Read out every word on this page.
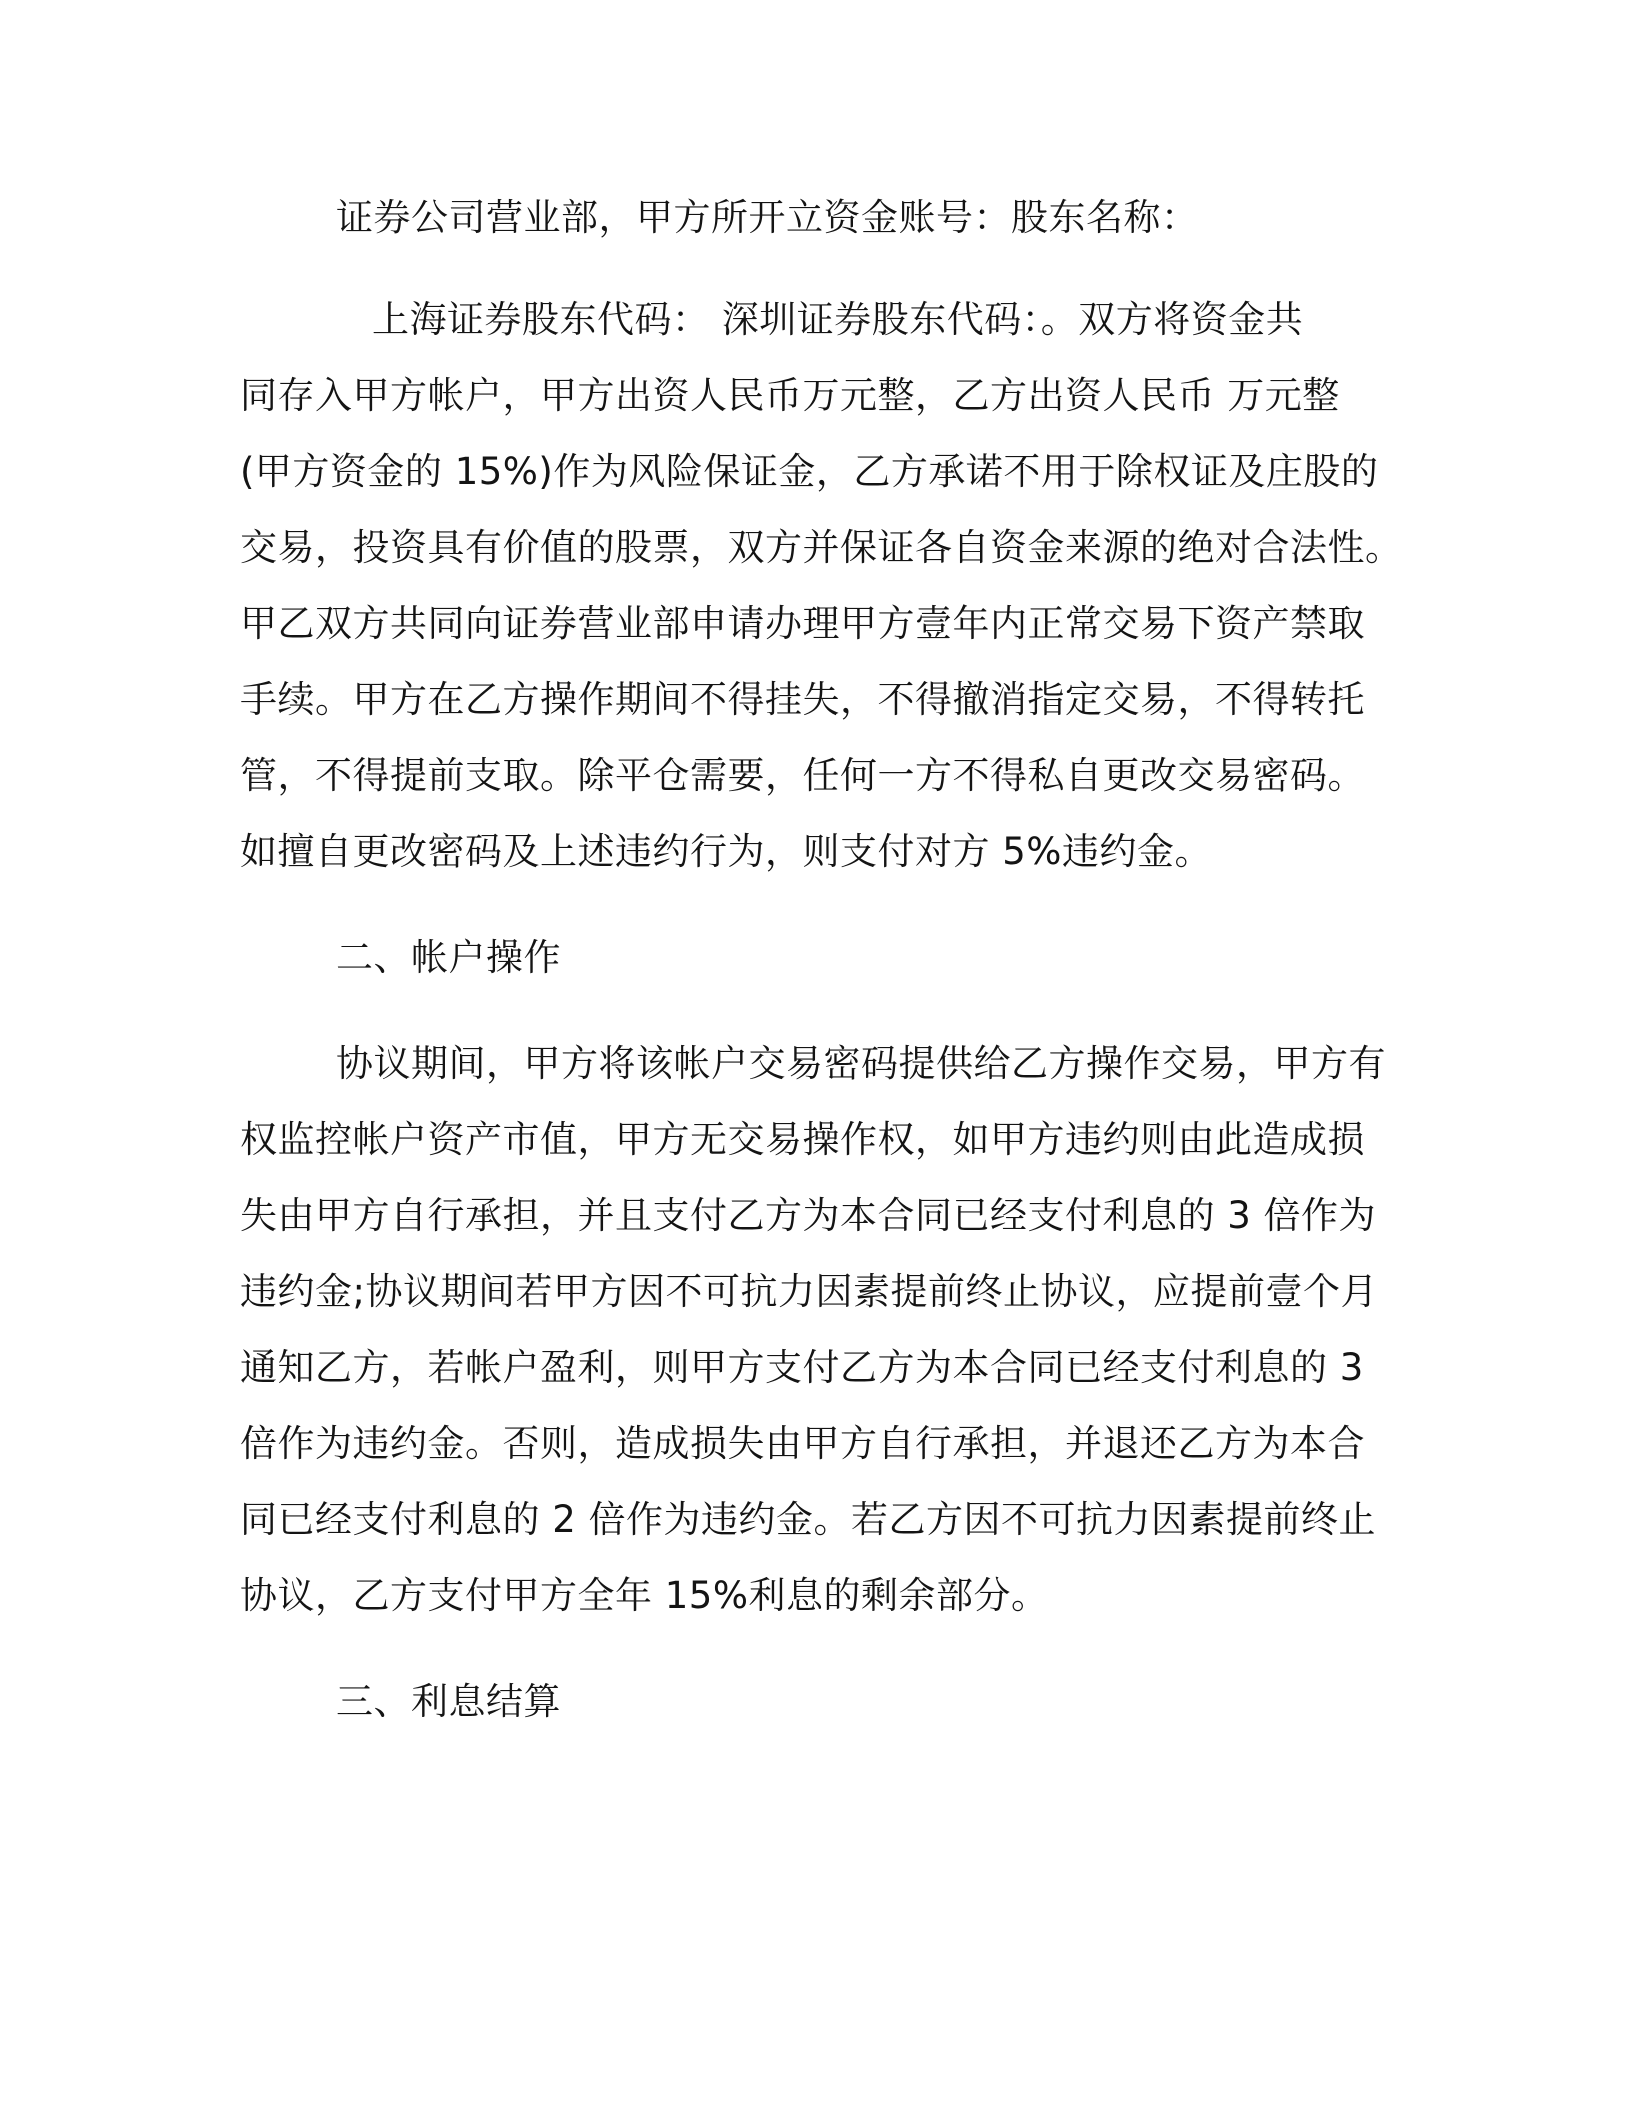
证券公司营业部，甲方所开立资金账号：股东名称：

上海证券股东代码： 深圳证券股东代码：。双方将资金共

同存入甲方帐户，甲方出资人民币万元整，乙方出资人民币 万元整

(甲方资金的 15%)作为风险保证金，乙方承诺不用于除权证及庄股的

交易，投资具有价值的股票，双方并保证各自资金来源的绝对合法性。

甲乙双方共同向证券营业部申请办理甲方壹年内正常交易下资产禁取

手续。甲方在乙方操作期间不得挂失，不得撤消指定交易，不得转托

管，不得提前支取。除平仓需要，任何一方不得私自更改交易密码。

如擅自更改密码及上述违约行为，则支付对方 5%违约金。

二、帐户操作

协议期间，甲方将该帐户交易密码提供给乙方操作交易，甲方有

权监控帐户资产市值，甲方无交易操作权，如甲方违约则由此造成损

失由甲方自行承担，并且支付乙方为本合同已经支付利息的 3 倍作为

违约金;协议期间若甲方因不可抗力因素提前终止协议，应提前壹个月

通知乙方，若帐户盈利，则甲方支付乙方为本合同已经支付利息的 3

倍作为违约金。否则，造成损失由甲方自行承担，并退还乙方为本合

同已经支付利息的 2 倍作为违约金。若乙方因不可抗力因素提前终止

协议，乙方支付甲方全年 15%利息的剩余部分。

三、利息结算
